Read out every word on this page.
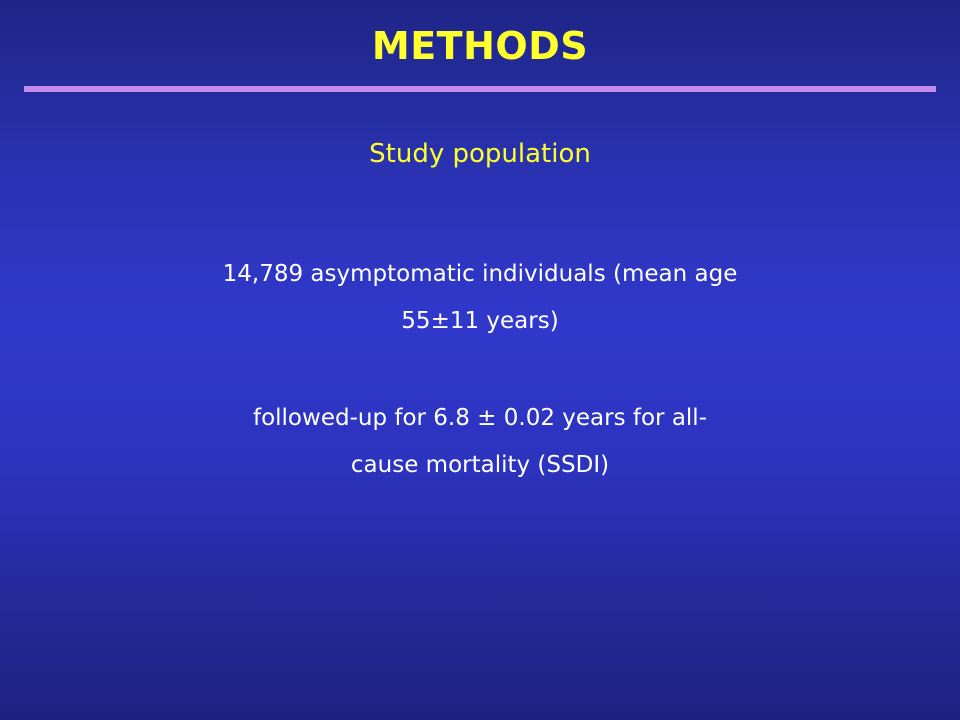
METHODS
Study population
14,789 asymptomatic individuals (mean age
55±11 years)
followed-up for 6.8 ± 0.02 years for all-
cause mortality (SSDI)
